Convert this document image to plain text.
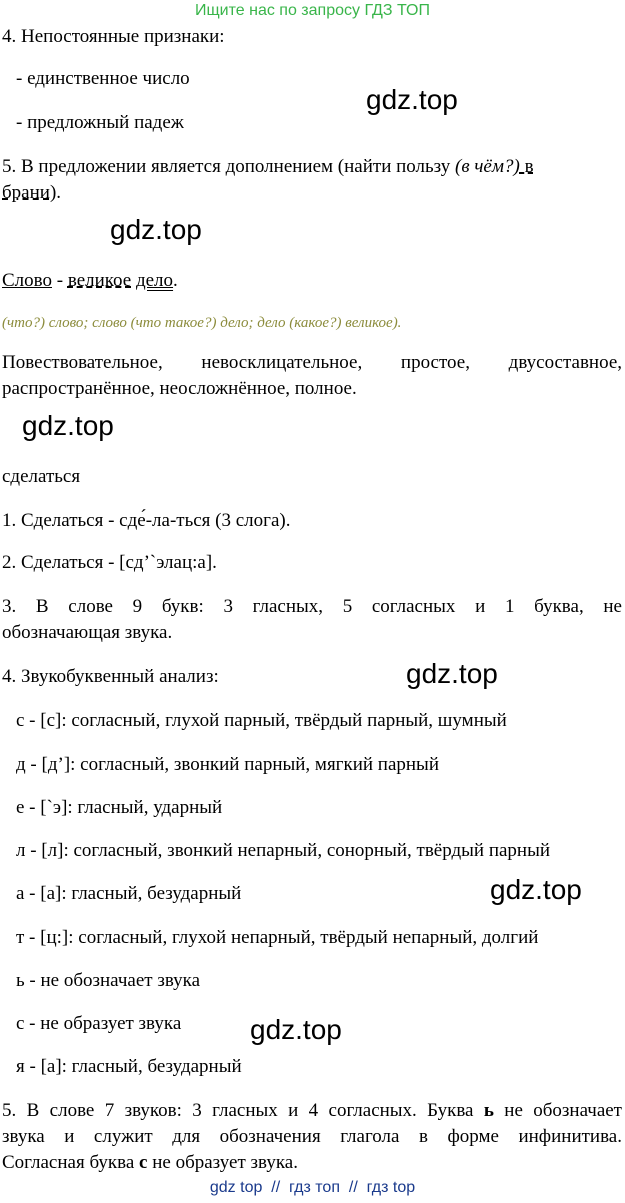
Ищите нас по запросу ГДЗ ТОП
4. Непостоянные признаки:
- единственное число
- предложный падеж
gdz.top
5. В предложении является дополнением (найти пользу (в чём?) в
брани).
gdz.top
Слово - великое дело.
(что?) слово; слово (что такое?) дело; дело (какое?) великое).
Повествовательное, невосклицательное, простое, двусоставное,
распространённое, неосложнённое, полное.
gdz.top
сделаться
1. Сделаться - сде́-ла-ться (3 слога).
2. Сделаться - [сд’`элац:а].
3. В слове 9 букв: 3 гласных, 5 согласных и 1 буква, не
обозначающая звука.
4. Звукобуквенный анализ:	gdz.top
с - [с]: согласный, глухой парный, твёрдый парный, шумный
д - [д’]: согласный, звонкий парный, мягкий парный
е - [`э]: гласный, ударный
л - [л]: согласный, звонкий непарный, сонорный, твёрдый парный
а - [а]: гласный, безударный	gdz.top
т - [ц:]: согласный, глухой непарный, твёрдый непарный, долгий
ь - не обозначает звука
с - не образует звука gdz.top
я - [а]: гласный, безударный
5. В слове 7 звуков: 3 гласных и 4 согласных. Буква ь не обозначает
звука и служит для обозначения глагола в форме инфинитива.
Согласная буква с не образует звука.
gdz top  //  гдз топ  //  гдз top
